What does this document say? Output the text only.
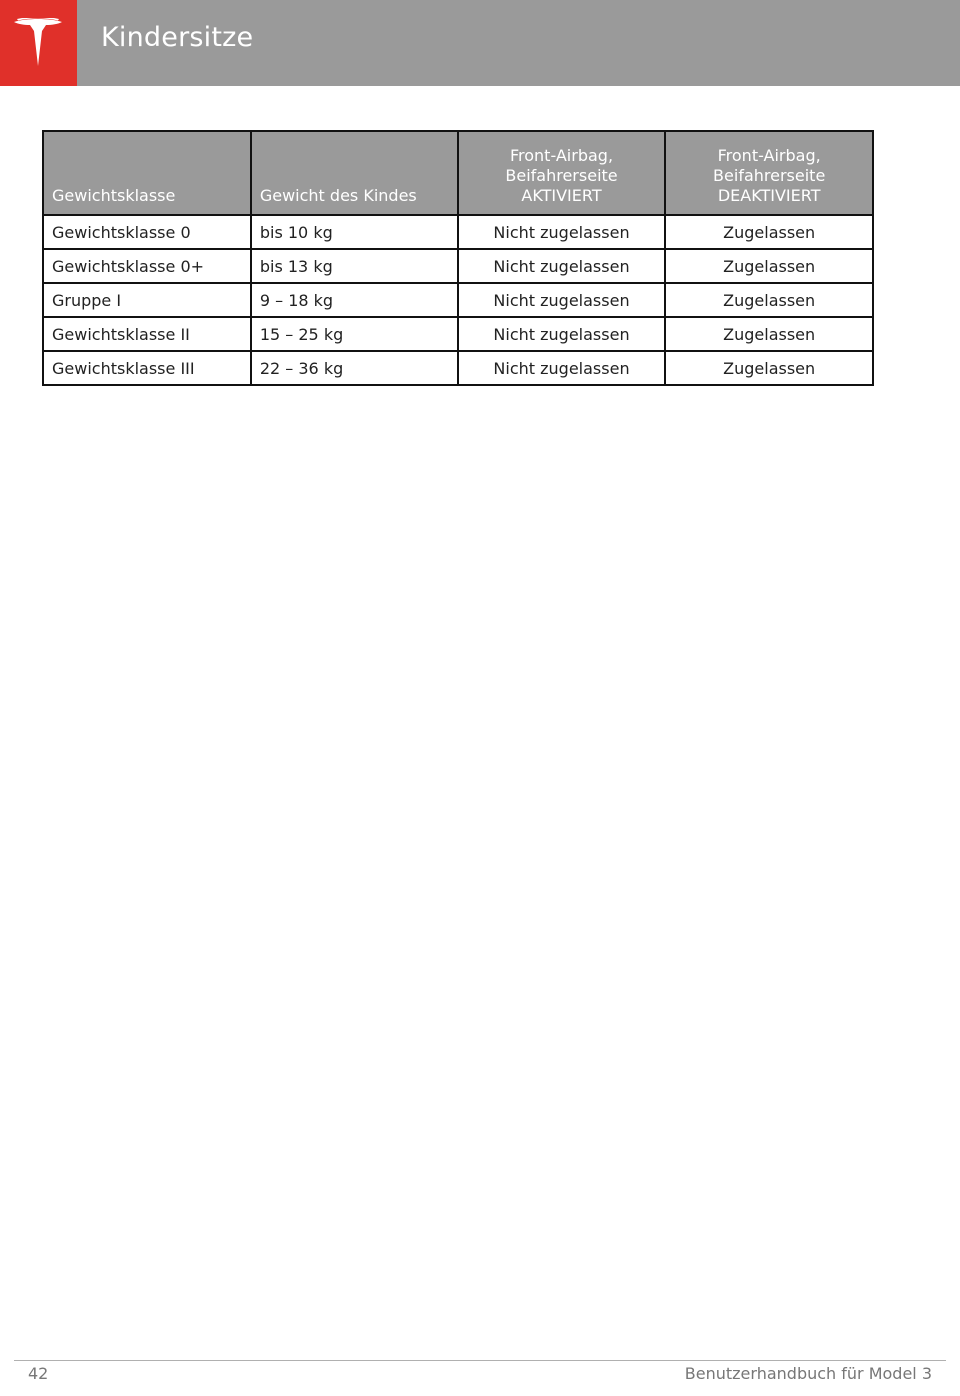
Kindersitze
Gewichtsklasse	Gewicht des Kindes	Front-Airbag, Beifahrerseite AKTIVIERT	Front-Airbag, Beifahrerseite DEAKTIVIERT
Gewichtsklasse 0	bis 10 kg	Nicht zugelassen	Zugelassen
Gewichtsklasse 0+	bis 13 kg	Nicht zugelassen	Zugelassen
Gruppe I	9 – 18 kg	Nicht zugelassen	Zugelassen
Gewichtsklasse II	15 – 25 kg	Nicht zugelassen	Zugelassen
Gewichtsklasse III	22 – 36 kg	Nicht zugelassen	Zugelassen
42	Benutzerhandbuch für Model 3
